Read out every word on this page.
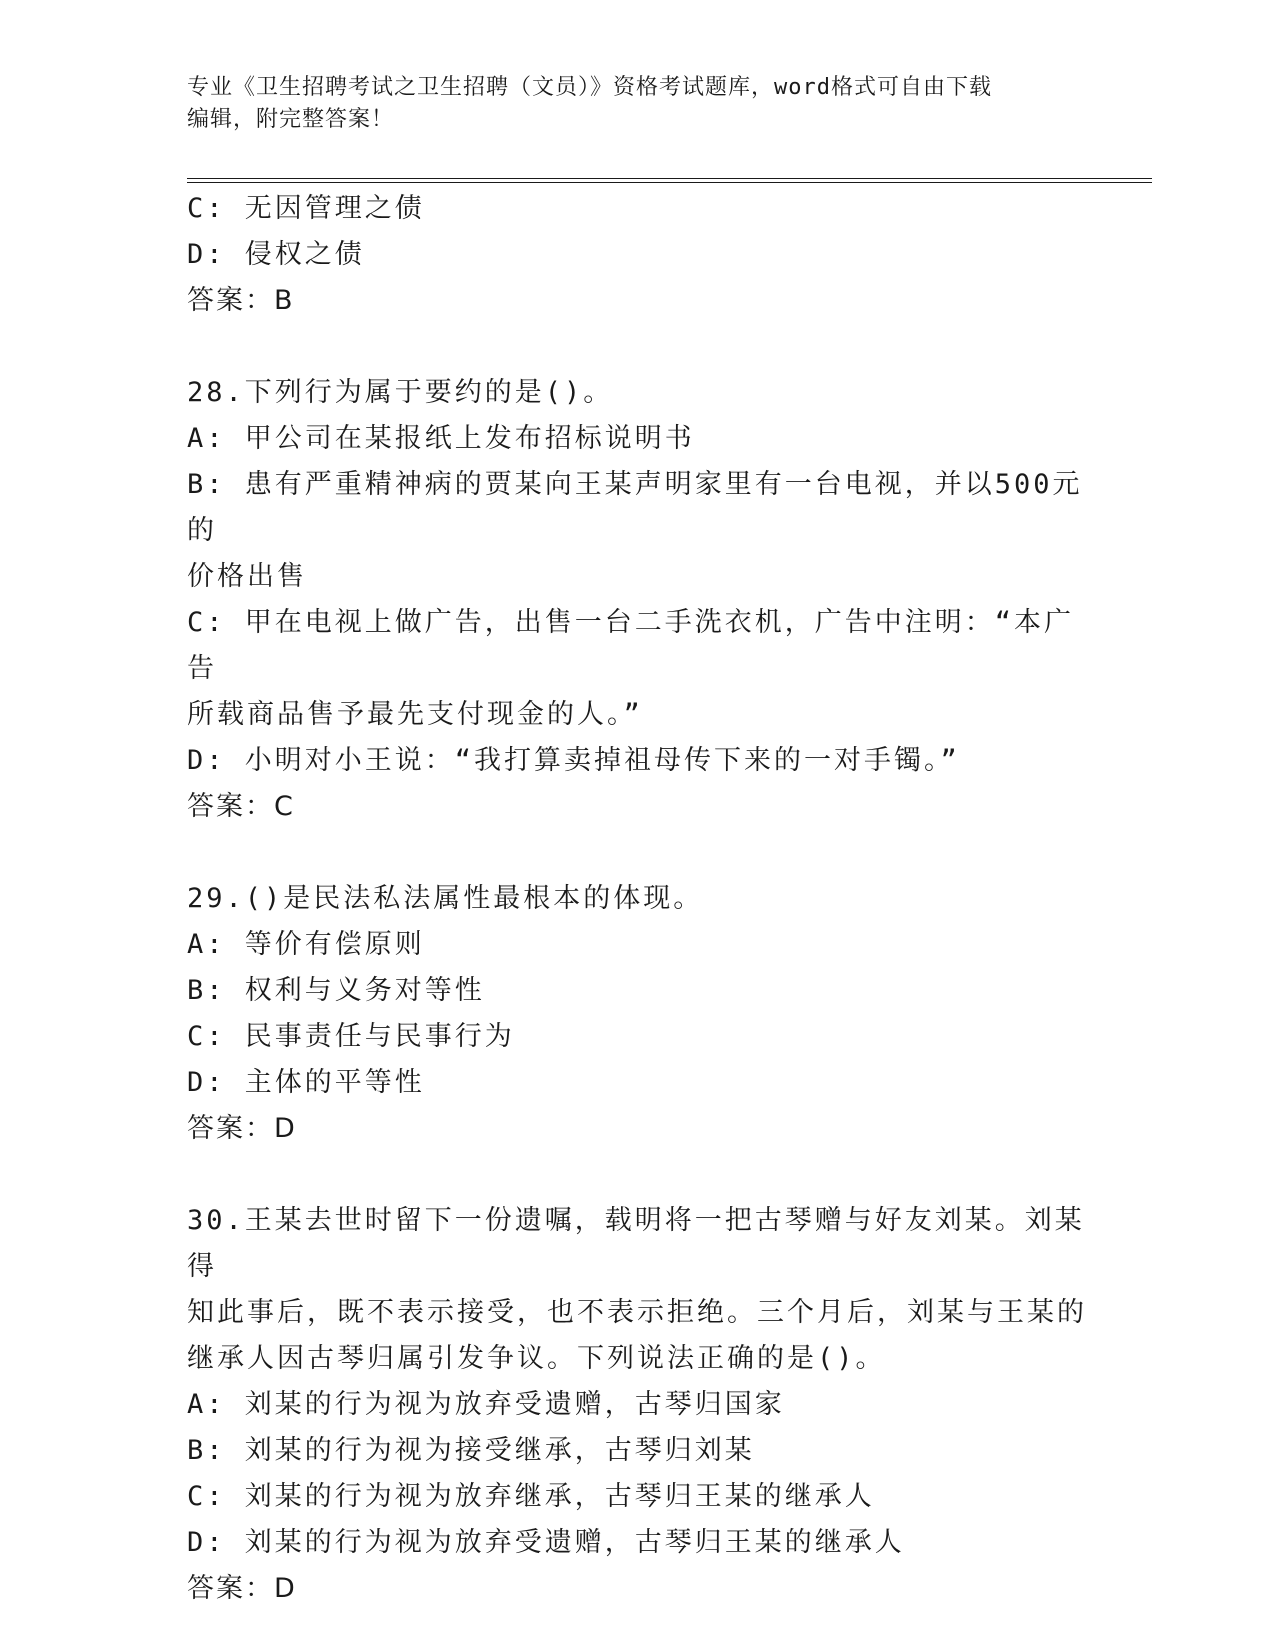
专业《卫生招聘考试之卫生招聘（文员）》资格考试题库，word格式可自由下载
编辑，附完整答案！
C: 无因管理之债
D: 侵权之债
答案：B
28.下列行为属于要约的是()。
A: 甲公司在某报纸上发布招标说明书
B: 患有严重精神病的贾某向王某声明家里有一台电视，并以500元的
价格出售
C: 甲在电视上做广告，出售一台二手洗衣机，广告中注明：“本广告
所载商品售予最先支付现金的人。”
D: 小明对小王说：“我打算卖掉祖母传下来的一对手镯。”
答案：C
29.()是民法私法属性最根本的体现。
A: 等价有偿原则
B: 权利与义务对等性
C: 民事责任与民事行为
D: 主体的平等性
答案：D
30.王某去世时留下一份遗嘱，载明将一把古琴赠与好友刘某。刘某得
知此事后，既不表示接受，也不表示拒绝。三个月后，刘某与王某的
继承人因古琴归属引发争议。下列说法正确的是()。
A: 刘某的行为视为放弃受遗赠，古琴归国家
B: 刘某的行为视为接受继承，古琴归刘某
C: 刘某的行为视为放弃继承，古琴归王某的继承人
D: 刘某的行为视为放弃受遗赠，古琴归王某的继承人
答案：D
